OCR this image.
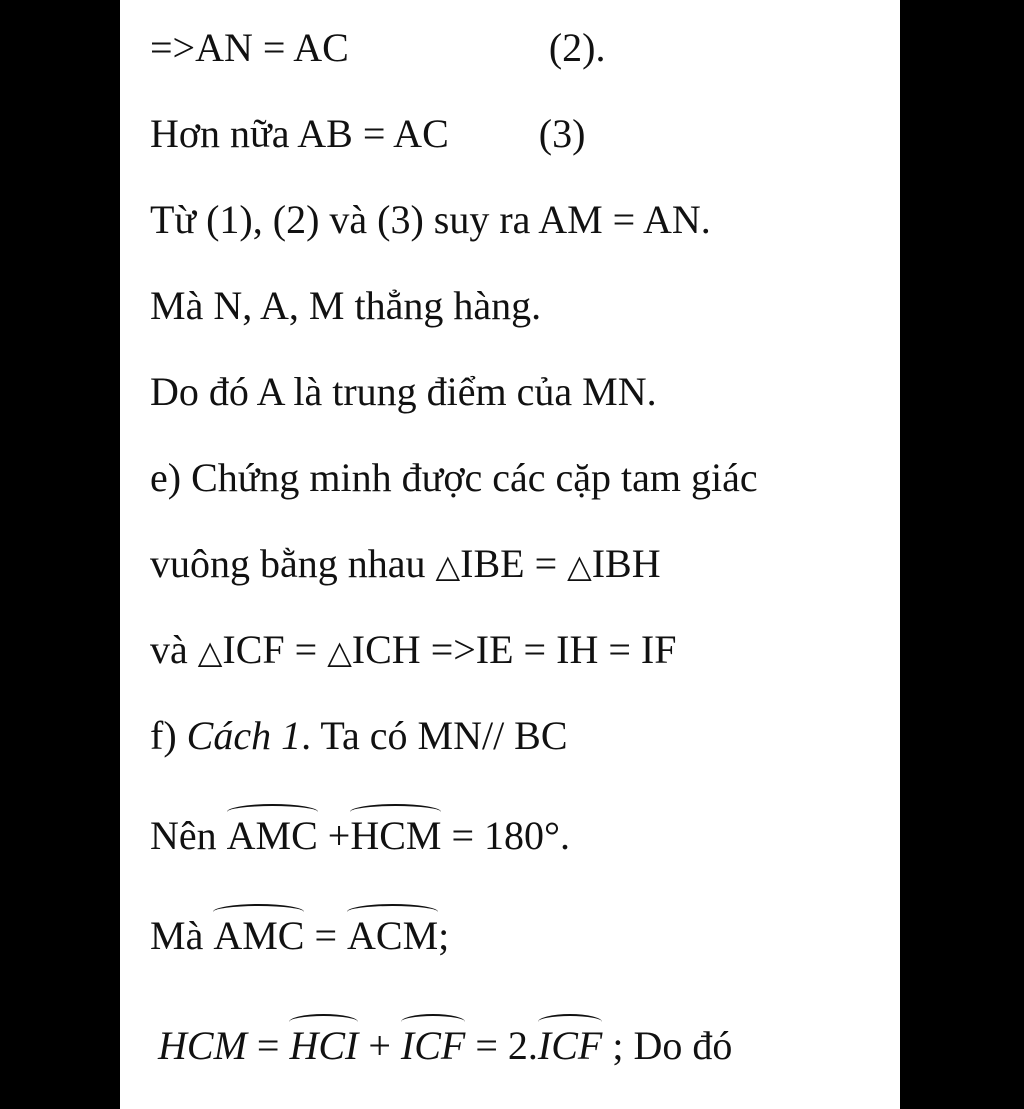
=>AN = AC	(2).
Hơn nữa AB = AC (3)
Từ (1), (2) và (3) suy ra AM = AN.
Mà N, A, M thẳng hàng.
Do đó A là trung điểm của MN.
e) Chứng minh được các cặp tam giác
vuông bằng nhau △IBE = △IBH
và △ICF = △ICH =>IE = IH = IF
f) Cách 1. Ta có MN// BC
Nên AMC +HCM = 180°.
Mà AMC = ACM;
HCM = HCI + ICF = 2.ICF ; Do đó
